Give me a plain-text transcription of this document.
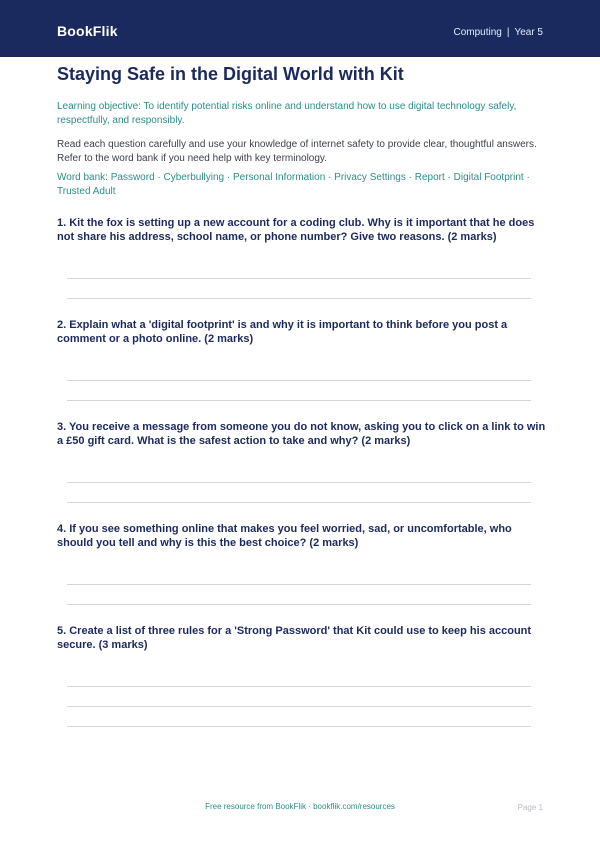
BookFlik	Computing | Year 5
Staying Safe in the Digital World with Kit
Learning objective: To identify potential risks online and understand how to use digital technology safely, respectfully, and responsibly.
Read each question carefully and use your knowledge of internet safety to provide clear, thoughtful answers. Refer to the word bank if you need help with key terminology.
Word bank: Password · Cyberbullying · Personal Information · Privacy Settings · Report · Digital Footprint · Trusted Adult
1. Kit the fox is setting up a new account for a coding club. Why is it important that he does not share his address, school name, or phone number? Give two reasons. (2 marks)
2. Explain what a 'digital footprint' is and why it is important to think before you post a comment or a photo online. (2 marks)
3. You receive a message from someone you do not know, asking you to click on a link to win a £50 gift card. What is the safest action to take and why? (2 marks)
4. If you see something online that makes you feel worried, sad, or uncomfortable, who should you tell and why is this the best choice? (2 marks)
5. Create a list of three rules for a 'Strong Password' that Kit could use to keep his account secure. (3 marks)
Free resource from BookFlik · bookflik.com/resources	Page 1
